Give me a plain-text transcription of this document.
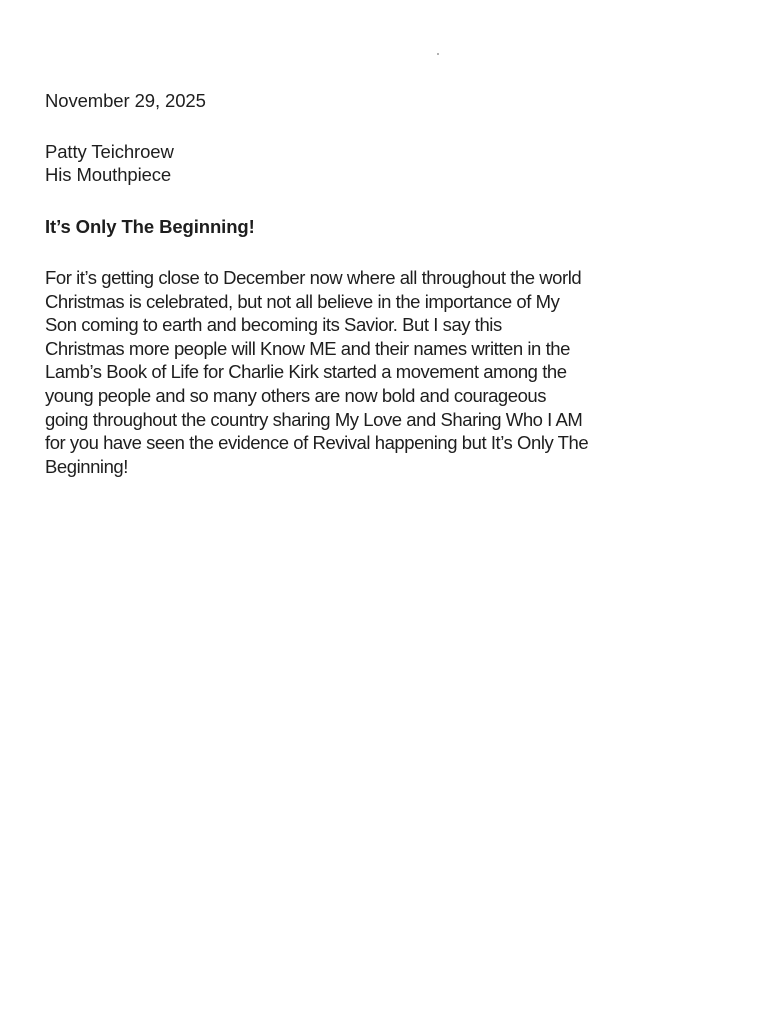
November 29, 2025
Patty Teichroew
His Mouthpiece
It’s Only The Beginning!
For it’s getting close to December now where all throughout the world
Christmas is celebrated, but not all believe in the importance of My
Son coming to earth and becoming its Savior. But I say this
Christmas more people will Know ME and their names written in the
Lamb’s Book of Life for Charlie Kirk started a movement among the
young people and so many others are now bold and courageous
going throughout the country sharing My Love and Sharing Who I AM
for you have seen the evidence of Revival happening but It’s Only The
Beginning!
